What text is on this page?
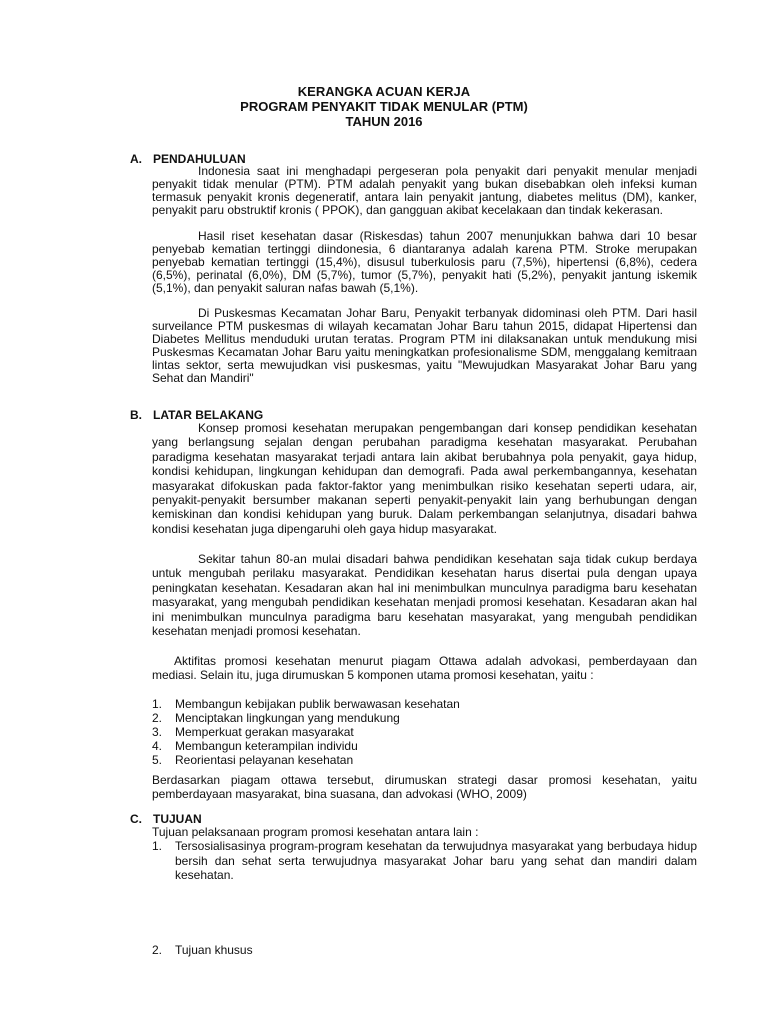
KERANGKA ACUAN KERJA
PROGRAM PENYAKIT TIDAK MENULAR (PTM)
TAHUN 2016
A. PENDAHULUAN
Indonesia saat ini menghadapi pergeseran pola penyakit dari penyakit menular menjadi penyakit tidak menular (PTM). PTM adalah penyakit yang bukan disebabkan oleh infeksi kuman termasuk penyakit kronis degeneratif, antara lain penyakit jantung, diabetes melitus (DM), kanker, penyakit paru obstruktif kronis ( PPOK), dan gangguan akibat kecelakaan dan tindak kekerasan.
Hasil riset kesehatan dasar (Riskesdas) tahun 2007 menunjukkan bahwa dari 10 besar penyebab kematian tertinggi diindonesia, 6 diantaranya adalah karena PTM. Stroke merupakan penyebab kematian tertinggi (15,4%), disusul tuberkulosis paru (7,5%), hipertensi (6,8%), cedera (6,5%), perinatal (6,0%), DM (5,7%), tumor (5,7%), penyakit hati (5,2%), penyakit jantung iskemik (5,1%), dan penyakit saluran nafas bawah (5,1%).
Di Puskesmas Kecamatan Johar Baru, Penyakit terbanyak didominasi oleh PTM. Dari hasil surveilance PTM puskesmas di wilayah kecamatan Johar Baru tahun 2015, didapat Hipertensi dan Diabetes Mellitus menduduki urutan teratas. Program PTM ini dilaksanakan untuk mendukung misi Puskesmas Kecamatan Johar Baru yaitu meningkatkan profesionalisme SDM, menggalang kemitraan lintas sektor, serta mewujudkan visi puskesmas, yaitu "Mewujudkan Masyarakat Johar Baru yang Sehat dan Mandiri"
B. LATAR BELAKANG
Konsep promosi kesehatan merupakan pengembangan dari konsep pendidikan kesehatan yang berlangsung sejalan dengan perubahan paradigma kesehatan masyarakat. Perubahan paradigma kesehatan masyarakat terjadi antara lain akibat berubahnya pola penyakit, gaya hidup, kondisi kehidupan, lingkungan kehidupan dan demografi. Pada awal perkembangannya, kesehatan masyarakat difokuskan pada faktor-faktor yang menimbulkan risiko kesehatan seperti udara, air, penyakit-penyakit bersumber makanan seperti penyakit-penyakit lain yang berhubungan dengan kemiskinan dan kondisi kehidupan yang buruk. Dalam perkembangan selanjutnya, disadari bahwa kondisi kesehatan juga dipengaruhi oleh gaya hidup masyarakat.
Sekitar tahun 80-an mulai disadari bahwa pendidikan kesehatan saja tidak cukup berdaya untuk mengubah perilaku masyarakat. Pendidikan kesehatan harus disertai pula dengan upaya peningkatan kesehatan. Kesadaran akan hal ini menimbulkan munculnya paradigma baru kesehatan masyarakat, yang mengubah pendidikan kesehatan menjadi promosi kesehatan. Kesadaran akan hal ini menimbulkan munculnya paradigma baru kesehatan masyarakat, yang mengubah pendidikan kesehatan menjadi promosi kesehatan.
Aktifitas promosi kesehatan menurut piagam Ottawa adalah advokasi, pemberdayaan dan mediasi. Selain itu, juga dirumuskan 5 komponen utama promosi kesehatan, yaitu :
1.	Membangun kebijakan publik berwawasan kesehatan
2.	Menciptakan lingkungan yang mendukung
3.	Memperkuat gerakan masyarakat
4.	Membangun keterampilan individu
5.	Reorientasi pelayanan kesehatan
Berdasarkan piagam ottawa tersebut, dirumuskan strategi dasar promosi kesehatan, yaitu pemberdayaan masyarakat, bina suasana, dan advokasi (WHO, 2009)
C. TUJUAN
Tujuan pelaksanaan program promosi kesehatan antara lain :
1.	Tersosialisasinya program-program kesehatan da terwujudnya masyarakat yang berbudaya hidup bersih dan sehat serta terwujudnya masyarakat Johar baru yang sehat dan mandiri dalam kesehatan.
2.	Tujuan khusus
